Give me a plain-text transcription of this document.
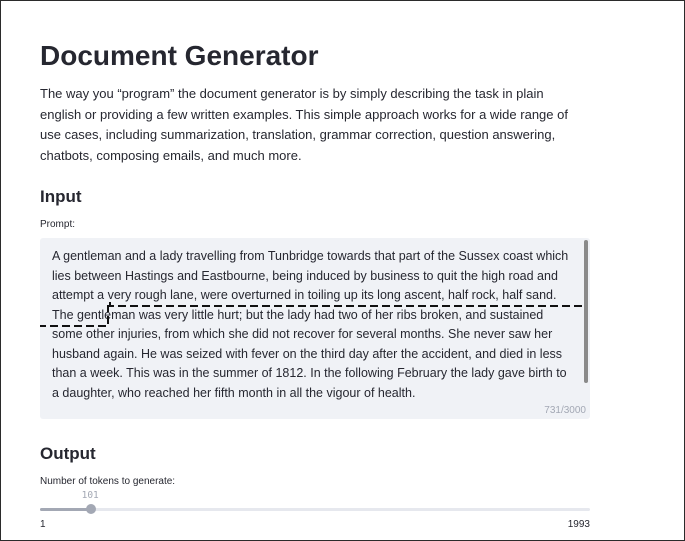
Document Generator

The way you “program” the document generator is by simply describing the task in plain english or providing a few written examples. This simple approach works for a wide range of use cases, including summarization, translation, grammar correction, question answering, chatbots, composing emails, and much more.

Input

Prompt:

A gentleman and a lady travelling from Tunbridge towards that part of the Sussex coast which lies between Hastings and Eastbourne, being induced by business to quit the high road and attempt a very rough lane, were overturned in toiling up its long ascent, half rock, half sand. The gentleman was very little hurt; but the lady had two of her ribs broken, and sustained some other injuries, from which she did not recover for several months. She never saw her husband again. He was seized with fever on the third day after the accident, and died in less than a week. This was in the summer of 1812. In the following February the lady gave birth to a daughter, who reached her fifth month in all the vigour of health.

731/3000
Output

Number of tokens to generate:

101
1	1993
